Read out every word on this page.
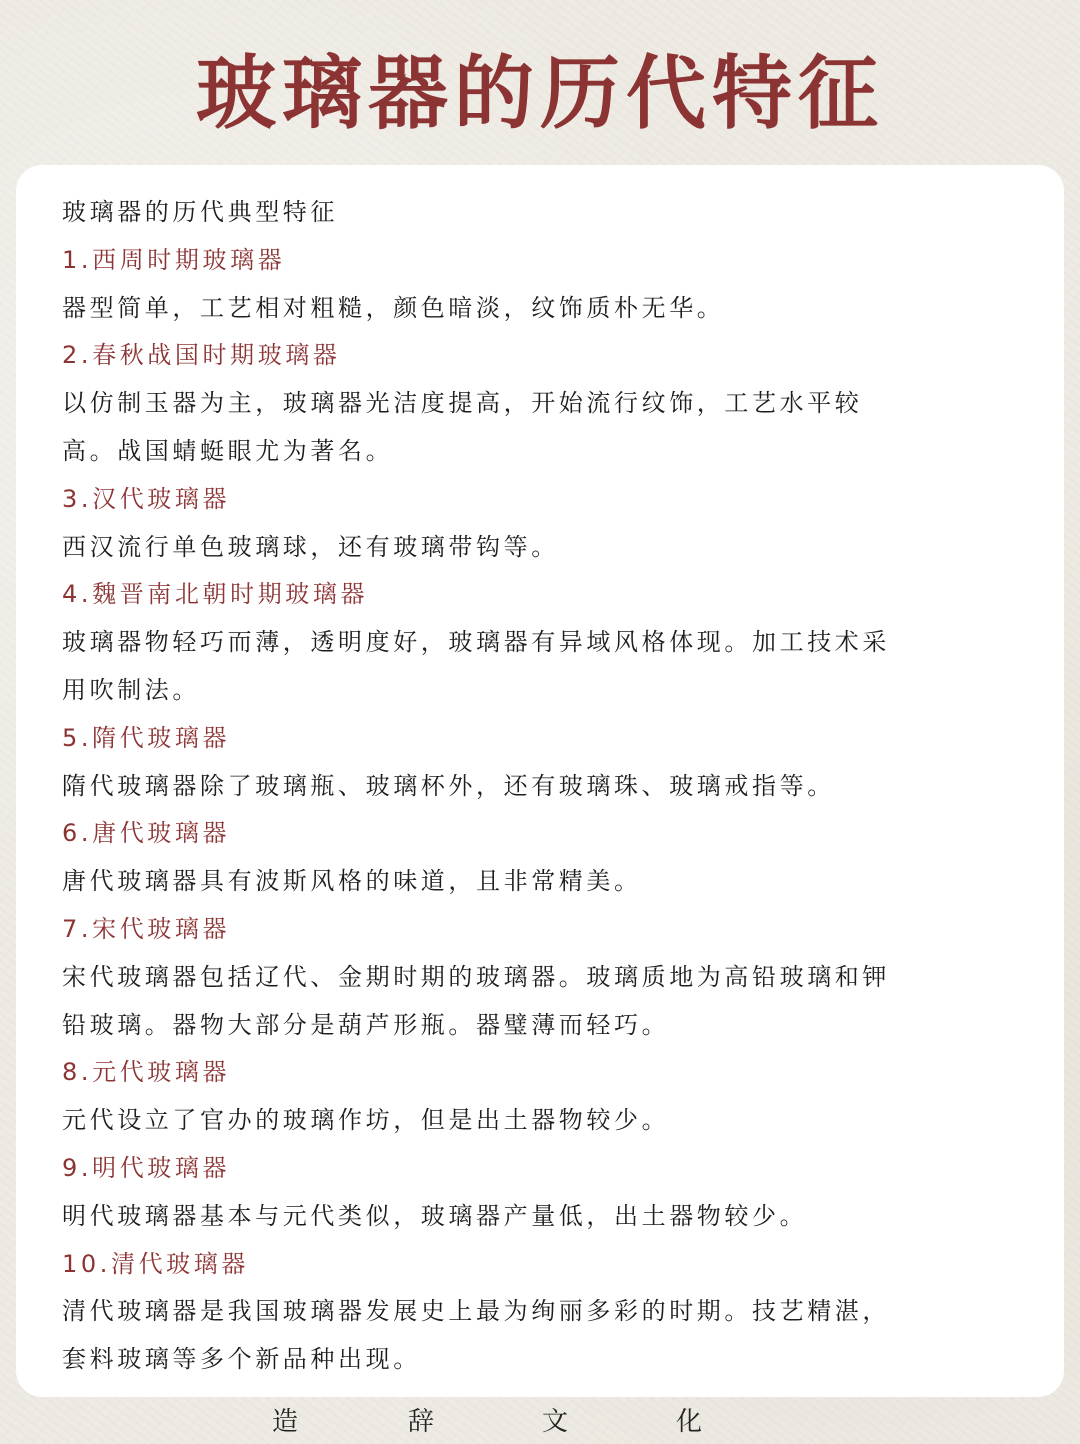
玻璃器的历代特征
玻璃器的历代典型特征
1.西周时期玻璃器
器型简单，工艺相对粗糙，颜色暗淡，纹饰质朴无华。
2.春秋战国时期玻璃器
以仿制玉器为主，玻璃器光洁度提高，开始流行纹饰，工艺水平较
高。战国蜻蜓眼尤为著名。
3.汉代玻璃器
西汉流行单色玻璃球，还有玻璃带钩等。
4.魏晋南北朝时期玻璃器
玻璃器物轻巧而薄，透明度好，玻璃器有异域风格体现。加工技术采
用吹制法。
5.隋代玻璃器
隋代玻璃器除了玻璃瓶、玻璃杯外，还有玻璃珠、玻璃戒指等。
6.唐代玻璃器
唐代玻璃器具有波斯风格的味道，且非常精美。
7.宋代玻璃器
宋代玻璃器包括辽代、金期时期的玻璃器。玻璃质地为高铅玻璃和钾
铅玻璃。器物大部分是葫芦形瓶。器璧薄而轻巧。
8.元代玻璃器
元代设立了官办的玻璃作坊，但是出土器物较少。
9.明代玻璃器
明代玻璃器基本与元代类似，玻璃器产量低，出土器物较少。
10.清代玻璃器
清代玻璃器是我国玻璃器发展史上最为绚丽多彩的时期。技艺精湛，
套料玻璃等多个新品种出现。
造	辞	文	化
